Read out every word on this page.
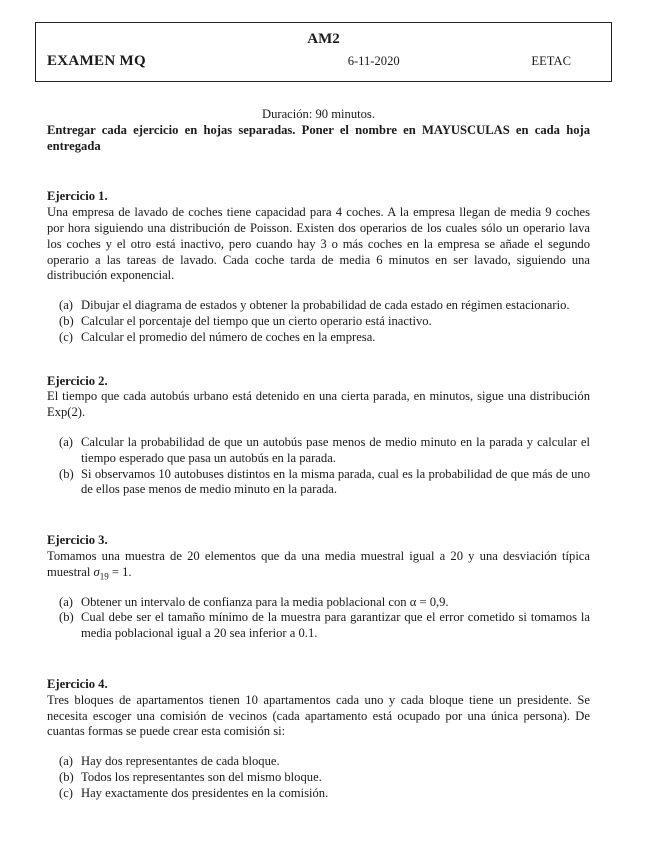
AM2
EXAMEN MQ	6-11-2020	EETAC

Duración: 90 minutos.

Entregar cada ejercicio en hojas separadas. Poner el nombre en MAYUSCULAS en cada hoja entregada

Ejercicio 1.

Una empresa de lavado de coches tiene capacidad para 4 coches. A la empresa llegan de media 9 coches por hora siguiendo una distribución de Poisson. Existen dos operarios de los cuales sólo un operario lava los coches y el otro está inactivo, pero cuando hay 3 o más coches en la empresa se añade el segundo operario a las tareas de lavado. Cada coche tarda de media 6 minutos en ser lavado, siguiendo una distribución exponencial.

(a) Dibujar el diagrama de estados y obtener la probabilidad de cada estado en régimen estacionario.
(b) Calcular el porcentaje del tiempo que un cierto operario está inactivo.
(c) Calcular el promedio del número de coches en la empresa.
Ejercicio 2.

El tiempo que cada autobús urbano está detenido en una cierta parada, en minutos, sigue una distribución Exp(2).

(a) Calcular la probabilidad de que un autobús pase menos de medio minuto en la parada y calcular el tiempo esperado que pasa un autobús en la parada.
(b) Si observamos 10 autobuses distintos en la misma parada, cual es la probabilidad de que más de uno de ellos pase menos de medio minuto en la parada.
Ejercicio 3.

Tomamos una muestra de 20 elementos que da una media muestral igual a 20 y una desviación típica muestral $\sigma_{19} = 1$.

(a) Obtener un intervalo de confianza para la media poblacional con α = 0,9.
(b) Cual debe ser el tamaño mínimo de la muestra para garantizar que el error cometido si tomamos la media poblacional igual a 20 sea inferior a 0.1.
Ejercicio 4.

Tres bloques de apartamentos tienen 10 apartamentos cada uno y cada bloque tiene un presidente. Se necesita escoger una comisión de vecinos (cada apartamento está ocupado por una única persona). De cuantas formas se puede crear esta comisión si:

(a) Hay dos representantes de cada bloque.
(b) Todos los representantes son del mismo bloque.
(c) Hay exactamente dos presidentes en la comisión.
